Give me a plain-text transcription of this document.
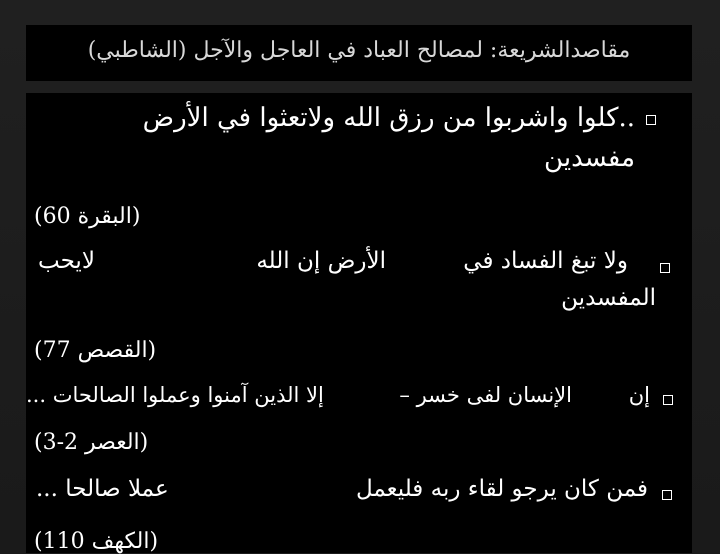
مقاصدالشريعة: لمصالح العباد في العاجل والآجل (الشاطبي)
..كلوا واشربوا من رزق الله ولاتعثوا في الأرض
مفسدين
(البقرة 60)
ولا تبغ الفساد في
الأرض إن الله
لايحب
المفسدين
(القصص 77)
إن
الإنسان لفى خسر –
إلا الذين آمنوا وعملوا الصالحات ...
(العصر 2-3)
فمن كان يرجو لقاء ربه فليعمل
عملا صالحا ...
(الكهف 110)
